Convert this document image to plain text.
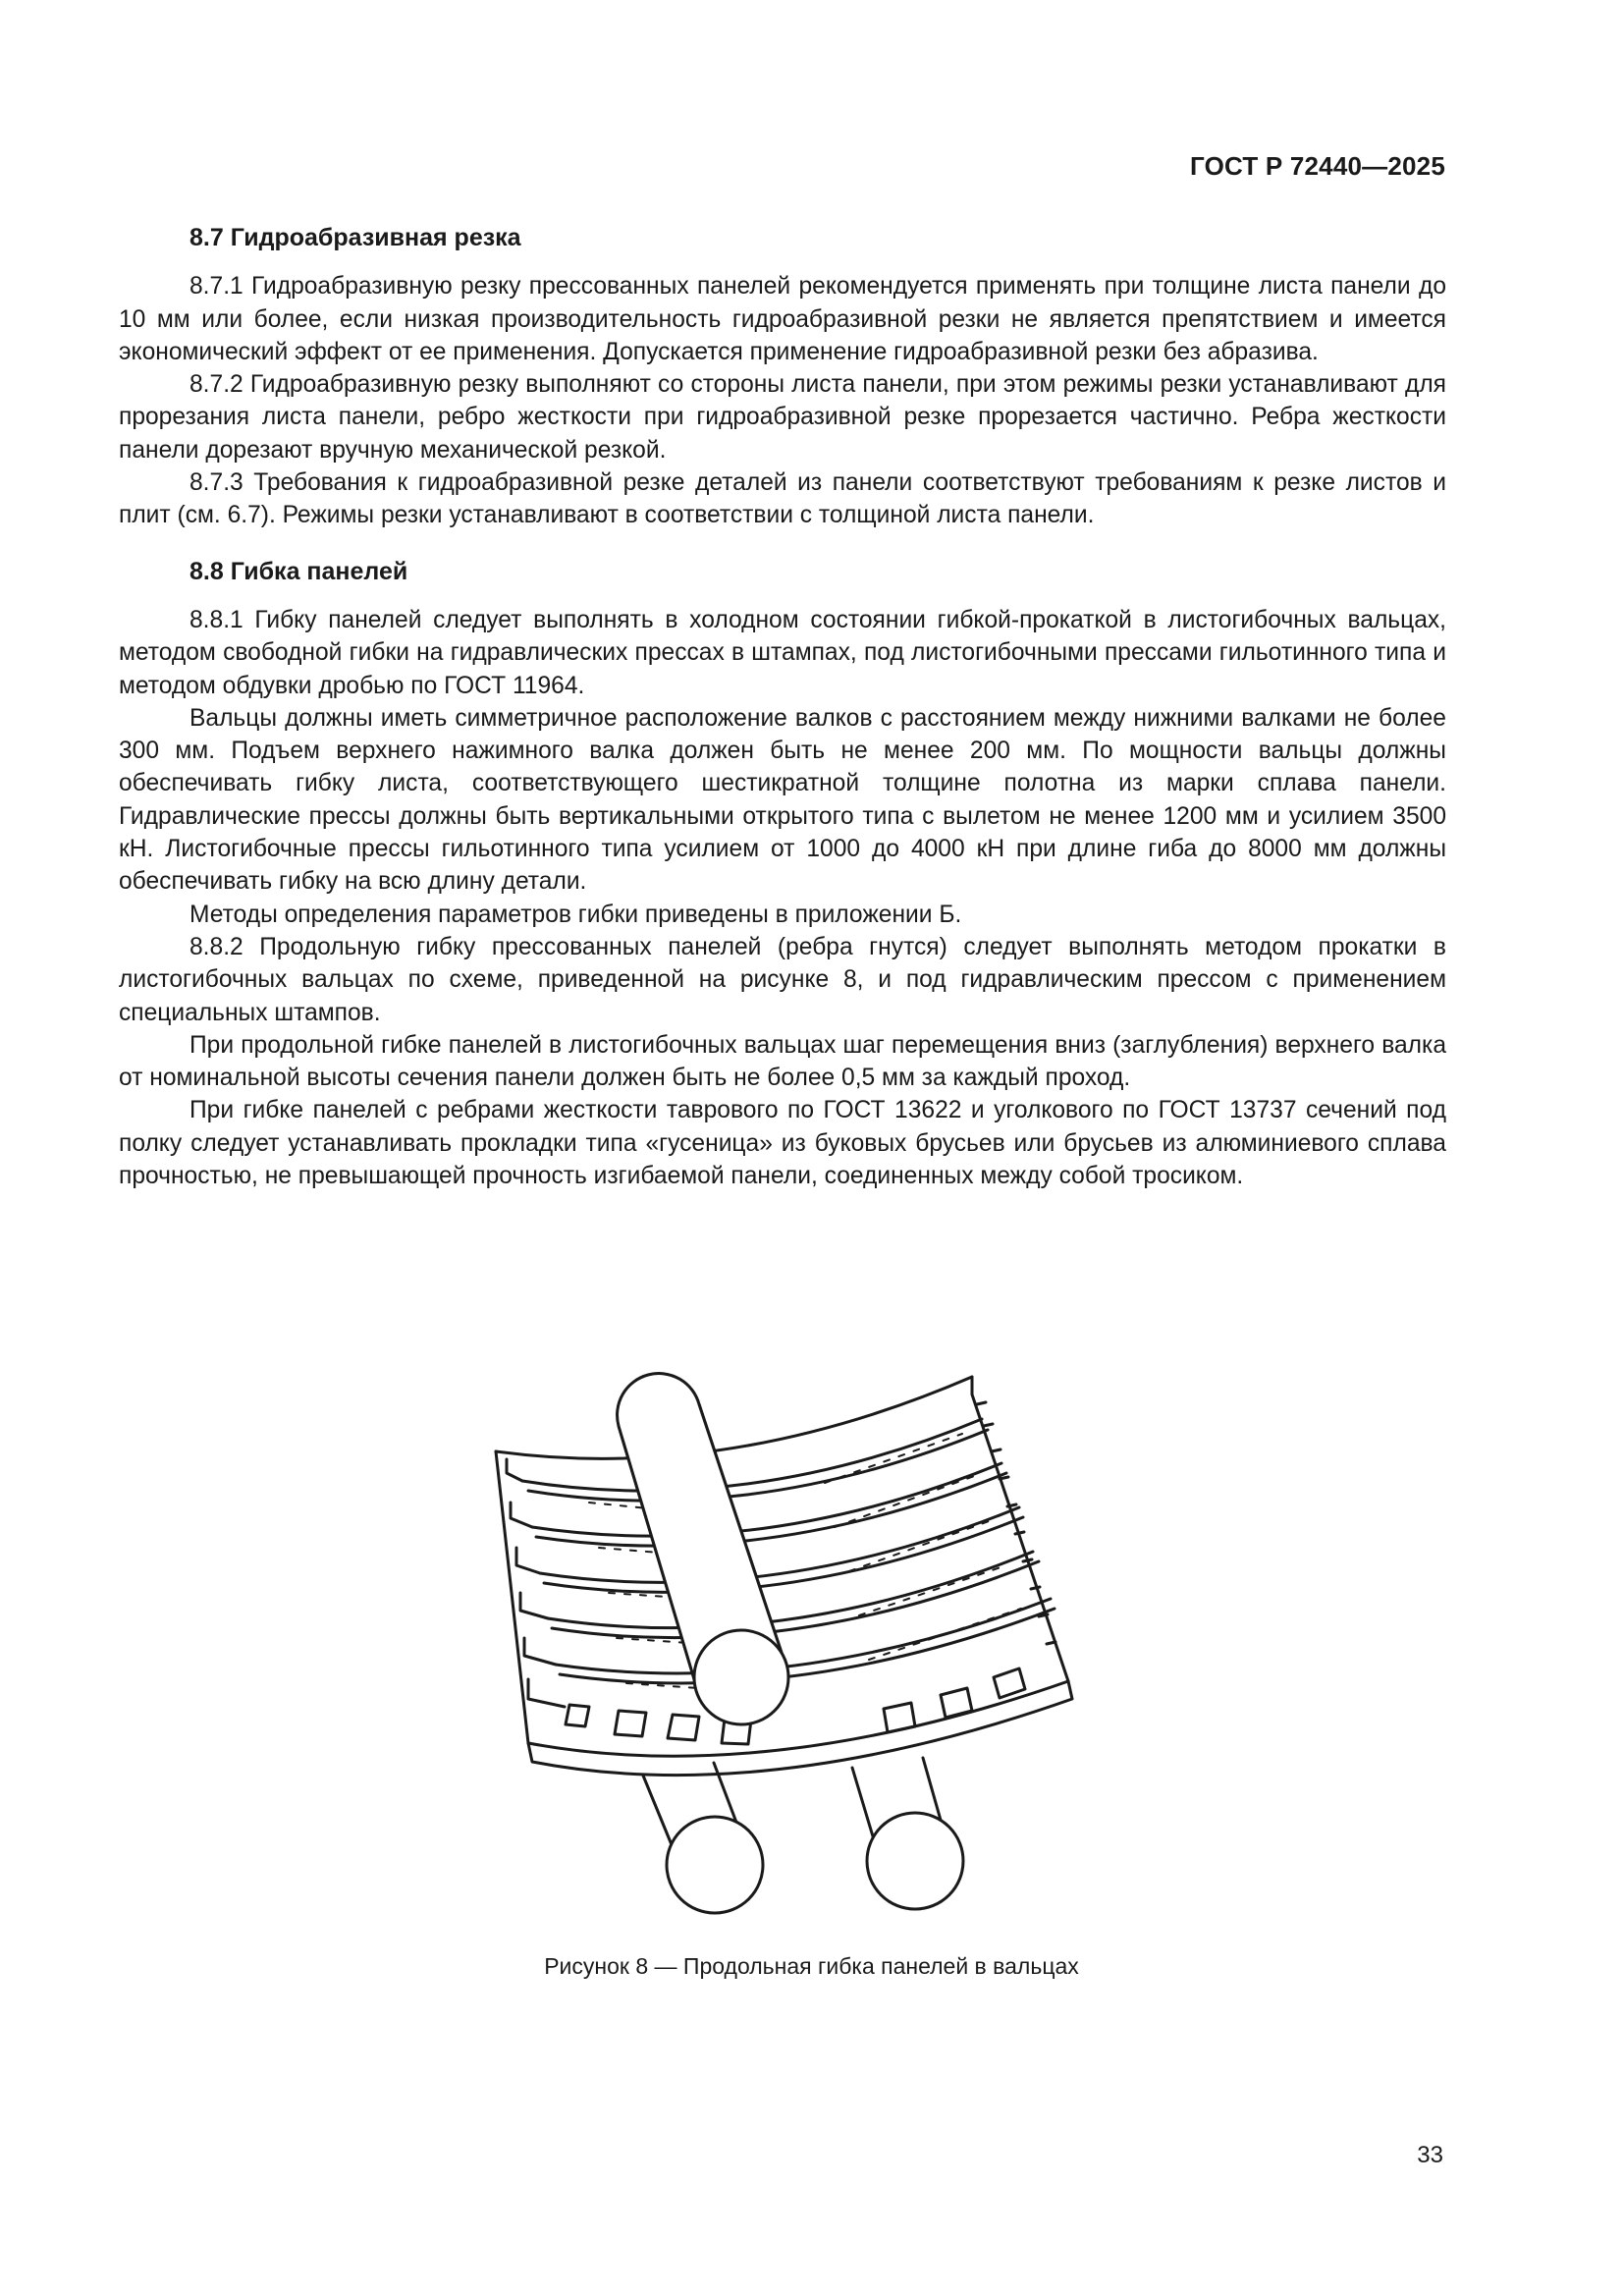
ГОСТ Р 72440—2025
8.7 Гидроабразивная резка

8.7.1 Гидроабразивную резку прессованных панелей рекомендуется применять при толщине листа панели до 10 мм или более, если низкая производительность гидроабразивной резки не является препятствием и имеется экономический эффект от ее применения. Допускается применение гидроабразивной резки без абразива.

8.7.2 Гидроабразивную резку выполняют со стороны листа панели, при этом режимы резки устанавливают для прорезания листа панели, ребро жесткости при гидроабразивной резке прорезается частично. Ребра жесткости панели дорезают вручную механической резкой.

8.7.3 Требования к гидроабразивной резке деталей из панели соответствуют требованиям к резке листов и плит (см. 6.7). Режимы резки устанавливают в соответствии с толщиной листа панели.

8.8 Гибка панелей

8.8.1 Гибку панелей следует выполнять в холодном состоянии гибкой-прокаткой в листогибочных вальцах, методом свободной гибки на гидравлических прессах в штампах, под листогибочными прессами гильотинного типа и методом обдувки дробью по ГОСТ 11964.

Вальцы должны иметь симметричное расположение валков с расстоянием между нижними валками не более 300 мм. Подъем верхнего нажимного валка должен быть не менее 200 мм. По мощности вальцы должны обеспечивать гибку листа, соответствующего шестикратной толщине полотна из марки сплава панели. Гидравлические прессы должны быть вертикальными открытого типа с вылетом не менее 1200 мм и усилием 3500 кН. Листогибочные прессы гильотинного типа усилием от 1000 до 4000 кН при длине гиба до 8000 мм должны обеспечивать гибку на всю длину детали.

Методы определения параметров гибки приведены в приложении Б.

8.8.2 Продольную гибку прессованных панелей (ребра гнутся) следует выполнять методом прокатки в листогибочных вальцах по схеме, приведенной на рисунке 8, и под гидравлическим прессом с применением специальных штампов.

При продольной гибке панелей в листогибочных вальцах шаг перемещения вниз (заглубления) верхнего валка от номинальной высоты сечения панели должен быть не более 0,5 мм за каждый проход.

При гибке панелей с ребрами жесткости таврового по ГОСТ 13622 и уголкового по ГОСТ 13737 сечений под полку следует устанавливать прокладки типа «гусеница» из буковых брусьев или брусьев из алюминиевого сплава прочностью, не превышающей прочность изгибаемой панели, соединенных между собой тросиком.

Рисунок 8 — Продольная гибка панелей в вальцах
33
